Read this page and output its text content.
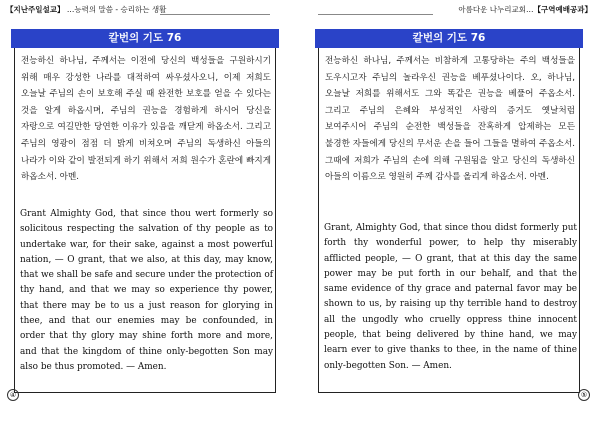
【지난주일설교】 …능력의 말씀 - 승리하는 생활	아름다운 나누리교회…【구역예배공과】
칼번의 기도 76
전능하신 하나님, 주께서는 이전에 당신의 백성들을 구원하시기 위해 매우 강성한 나라를 대적하여 싸우셨사오니, 이제 저희도 오늘날 주님의 손이 보호해 주실 때 완전한 보호를 얻을 수 있다는 것을 알게 하옵시며, 주님의 권능을 경험하게 하시어 당신을 자랑으로 여길만한 당연한 이유가 있음을 깨닫게 하옵소서. 그리고 주님의 영광이 점점 더 밝게 비쳐오며 주님의 독생하신 아들의 나라가 이와 같이 발전되게 하기 위해서 저희 원수가 혼란에 빠지게 하옵소서. 아멘.
Grant Almighty God, that since thou wert formerly so solicitous respecting the salvation of thy people as to undertake war, for their sake, against a most powerful nation, — O grant, that we also, at this day, may know, that we shall be safe and secure under the protection of thy hand, and that we may so experience thy power, that there may be to us a just reason for glorying in thee, and that our enemies may be confounded, in order that thy glory may shine forth more and more, and that the kingdom of thine only-begotten Son may also be thus promoted. — Amen.
칼번의 기도 76
전능하신 하나님, 주께서는 비참하게 고통당하는 주의 백성들을 도우시고자 주님의 놀라우신 권능을 베푸셨나이다. 오, 하나님, 오늘날 저희를 위해서도 그와 똑같은 권능을 베풀어 주옵소서. 그리고 주님의 은혜와 부성적인 사랑의 증거도 옛날처럼 보여주시어 주님의 순전한 백성들을 잔혹하게 압제하는 모든 불경한 자들에게 당신의 무서운 손을 들어 그들을 멸하여 주옵소서. 그때에 저희가 주님의 손에 의해 구원됨을 알고 당신의 독생하신 아들의 이름으로 영원히 주께 감사를 올리게 하옵소서. 아멘.
Grant, Almighty God, that since thou didst formerly put forth thy wonderful power, to help thy miserably afflicted people, — O grant, that at this day the same power may be put forth in our behalf, and that the same evidence of thy grace and paternal favor may be shown to us, by raising up thy terrible hand to destroy all the ungodly who cruelly oppress thine innocent people, that being delivered by thine hand, we may learn ever to give thanks to thee, in the name of thine only-begotten Son. — Amen.
④	⑤
